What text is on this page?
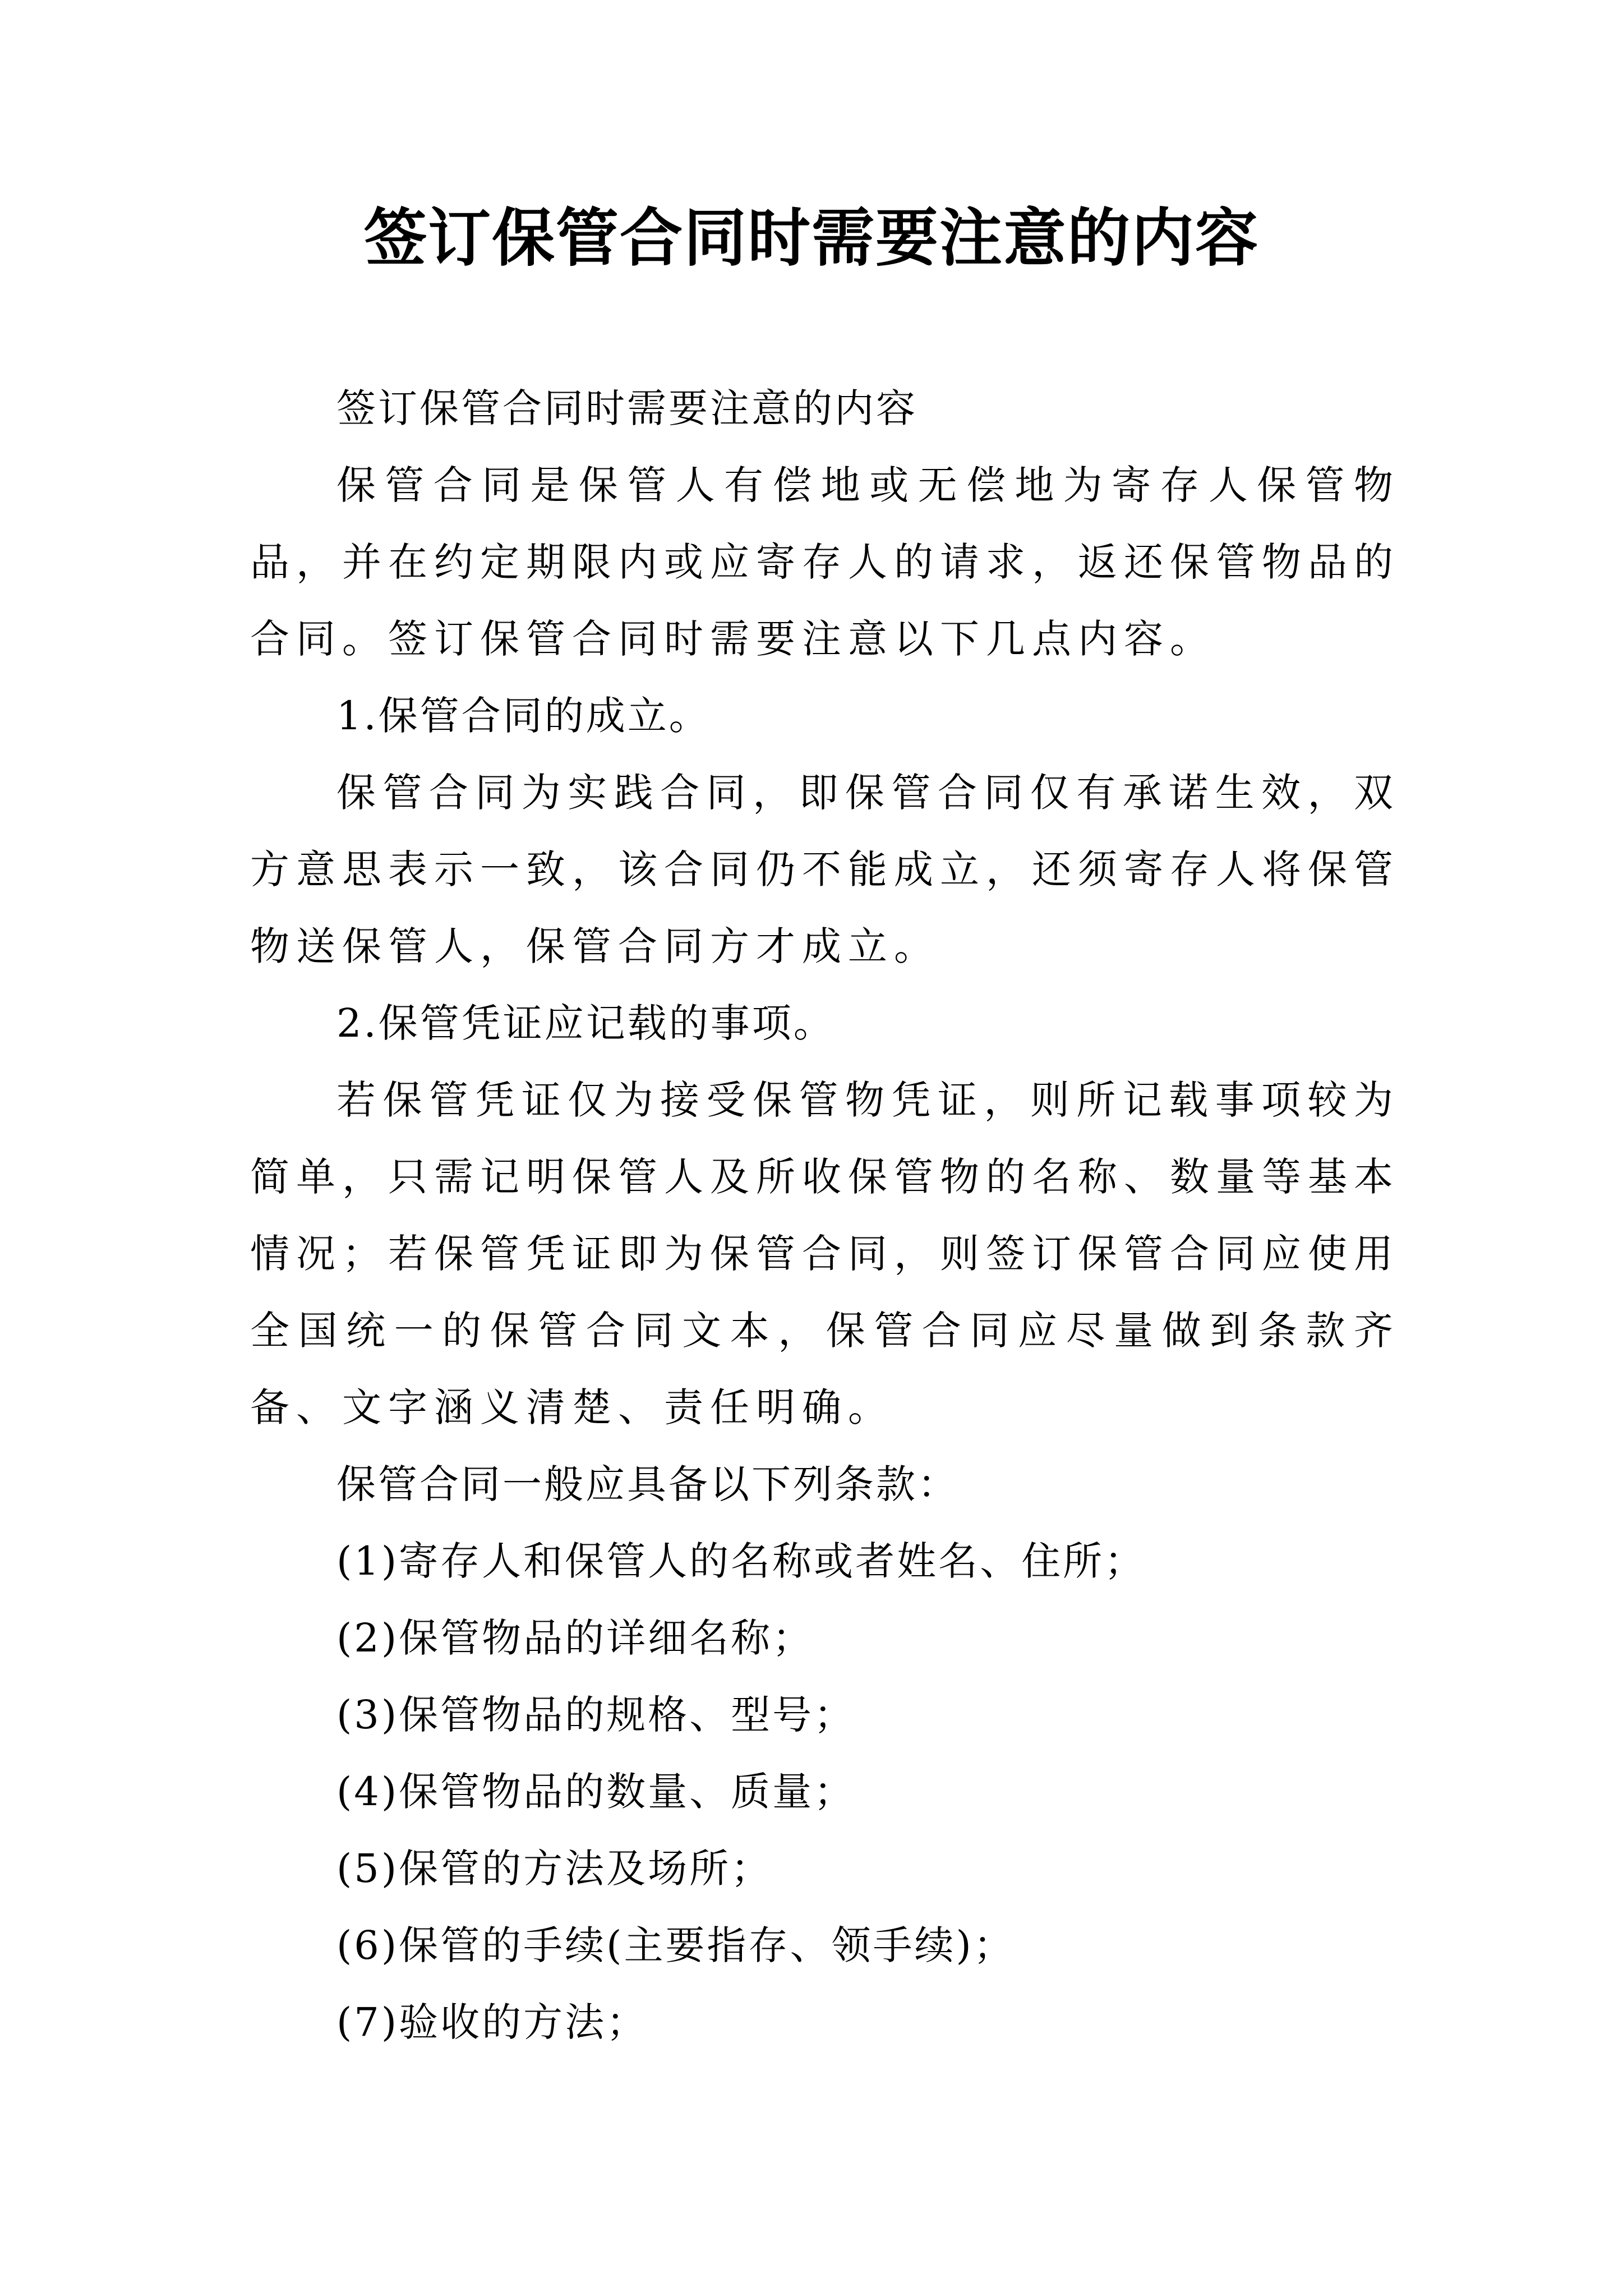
签订保管合同时需要注意的内容

签订保管合同时需要注意的内容

保管合同是保管人有偿地或无偿地为寄存人保管物品，并在约定期限内或应寄存人的请求，返还保管物品的合同。签订保管合同时需要注意以下几点内容。

1.保管合同的成立。

保管合同为实践合同，即保管合同仅有承诺生效，双方意思表示一致，该合同仍不能成立，还须寄存人将保管物送保管人，保管合同方才成立。

2.保管凭证应记载的事项。

若保管凭证仅为接受保管物凭证，则所记载事项较为简单，只需记明保管人及所收保管物的名称、数量等基本情况；若保管凭证即为保管合同，则签订保管合同应使用全国统一的保管合同文本，保管合同应尽量做到条款齐备、文字涵义清楚、责任明确。

保管合同一般应具备以下列条款：

(1)寄存人和保管人的名称或者姓名、住所；

(2)保管物品的详细名称；

(3)保管物品的规格、型号；

(4)保管物品的数量、质量；

(5)保管的方法及场所；

(6)保管的手续(主要指存、领手续)；

(7)验收的方法；
